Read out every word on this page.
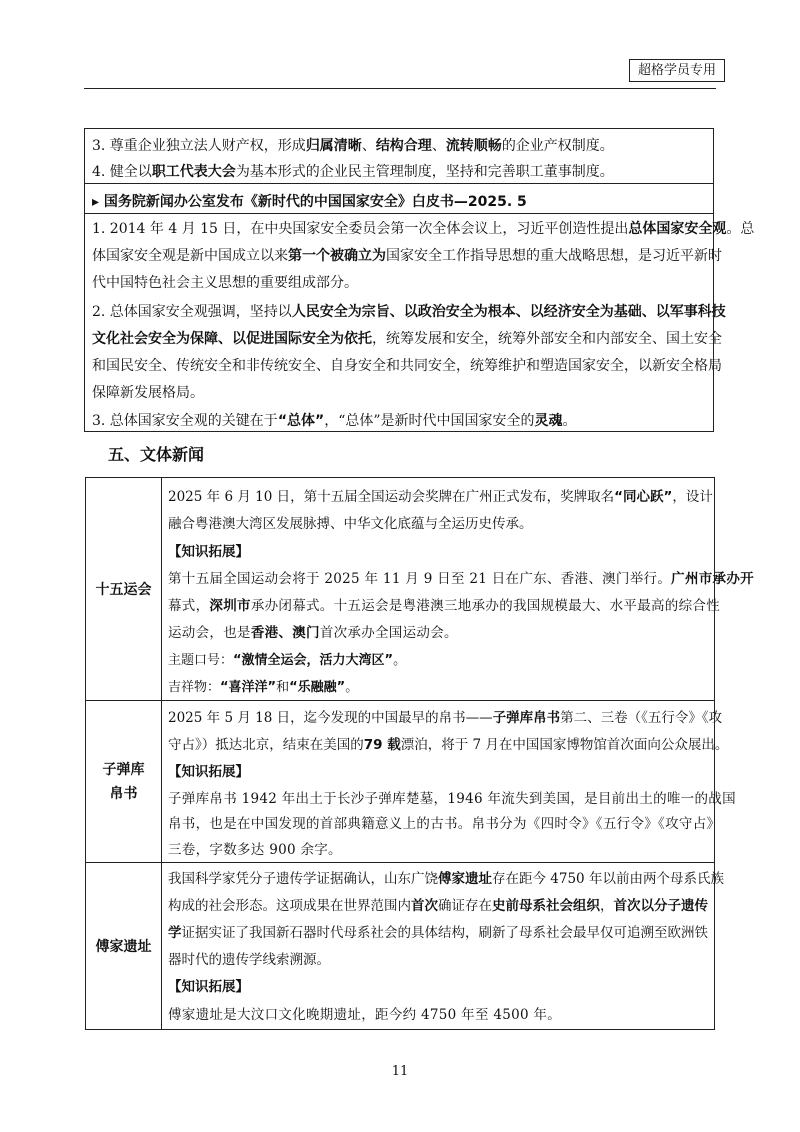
超格学员专用
3. 尊重企业独立法人财产权，形成归属清晰、结构合理、流转顺畅的企业产权制度。
4. 健全以职工代表大会为基本形式的企业民主管理制度，坚持和完善职工董事制度。
▸ 国务院新闻办公室发布《新时代的中国国家安全》白皮书—2025. 5
1. 2014 年 4 月 15 日，在中央国家安全委员会第一次全体会议上，习近平创造性提出总体国家安全观。总
体国家安全观是新中国成立以来第一个被确立为国家安全工作指导思想的重大战略思想，是习近平新时
代中国特色社会主义思想的重要组成部分。
2. 总体国家安全观强调，坚持以人民安全为宗旨、以政治安全为根本、以经济安全为基础、以军事科技
文化社会安全为保障、以促进国际安全为依托，统筹发展和安全，统筹外部安全和内部安全、国土安全
和国民安全、传统安全和非传统安全、自身安全和共同安全，统筹维护和塑造国家安全，以新安全格局
保障新发展格局。
3. 总体国家安全观的关键在于“总体”，“总体”是新时代中国国家安全的灵魂。
五、文体新闻
十五运会
2025 年 6 月 10 日，第十五届全国运动会奖牌在广州正式发布，奖牌取名“同心跃”，设计
融合粤港澳大湾区发展脉搏、中华文化底蕴与全运历史传承。
【知识拓展】
第十五届全国运动会将于 2025 年 11 月 9 日至 21 日在广东、香港、澳门举行。广州市承办开
幕式，深圳市承办闭幕式。十五运会是粤港澳三地承办的我国规模最大、水平最高的综合性
运动会，也是香港、澳门首次承办全国运动会。
主题口号：“激情全运会，活力大湾区”。
吉祥物：“喜洋洋”和“乐融融”。
子弹库
帛书
2025 年 5 月 18 日，迄今发现的中国最早的帛书——子弹库帛书第二、三卷（《五行令》《攻
守占》）抵达北京，结束在美国的79 载漂泊，将于 7 月在中国国家博物馆首次面向公众展出。
【知识拓展】
子弹库帛书 1942 年出土于长沙子弹库楚墓，1946 年流失到美国，是目前出土的唯一的战国
帛书，也是在中国发现的首部典籍意义上的古书。帛书分为《四时令》《五行令》《攻守占》
三卷，字数多达 900 余字。
傅家遗址
我国科学家凭分子遗传学证据确认，山东广饶傅家遗址存在距今 4750 年以前由两个母系氏族
构成的社会形态。这项成果在世界范围内首次确证存在史前母系社会组织，首次以分子遗传
学证据实证了我国新石器时代母系社会的具体结构，刷新了母系社会最早仅可追溯至欧洲铁
器时代的遗传学线索溯源。
【知识拓展】
傅家遗址是大汶口文化晚期遗址，距今约 4750 年至 4500 年。
11
